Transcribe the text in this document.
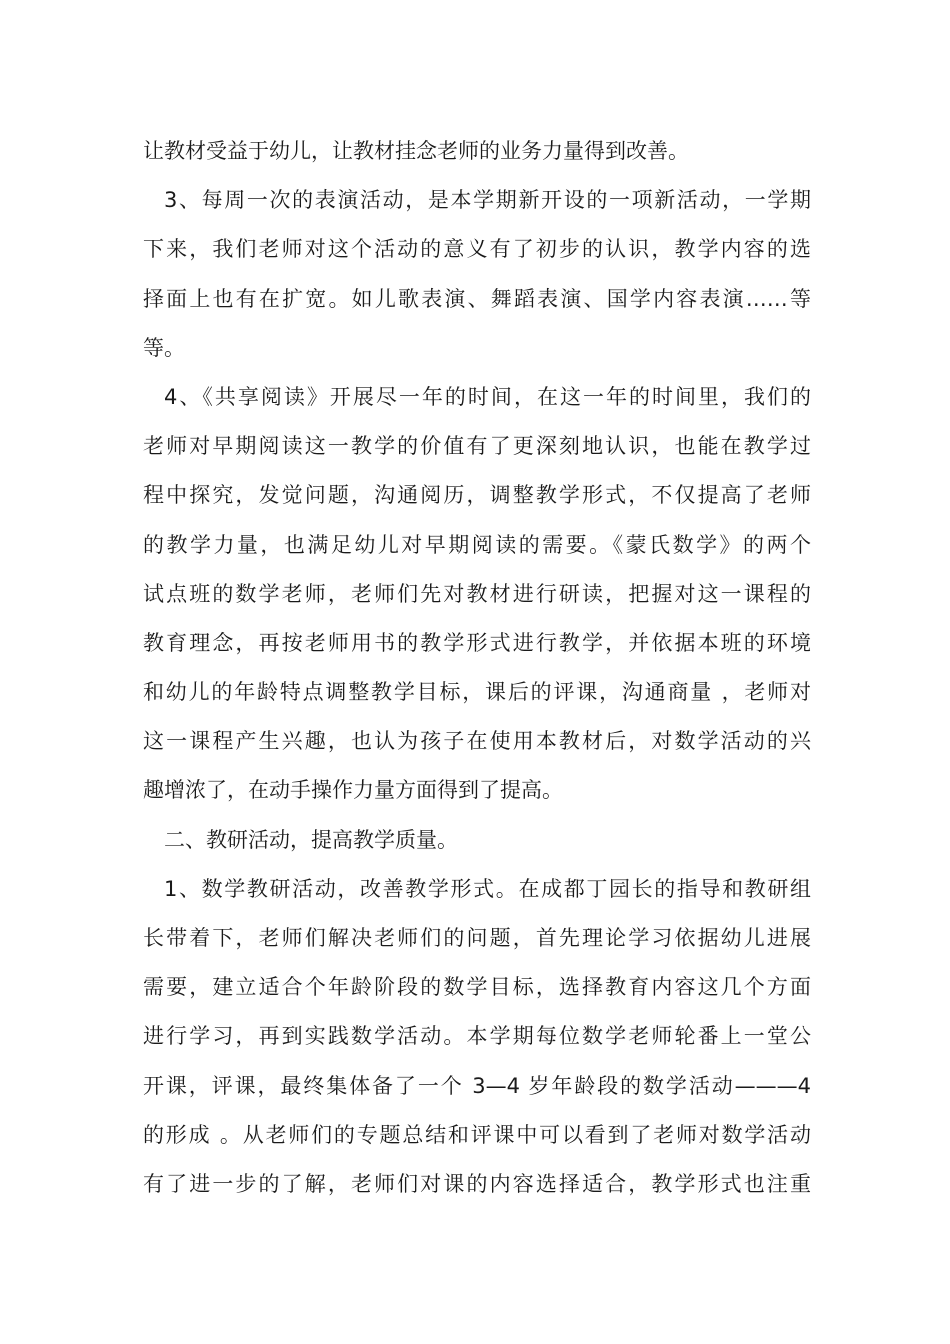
让教材受益于幼儿，让教材挂念老师的业务力量得到改善。
3、每周一次的表演活动，是本学期新开设的一项新活动，一学期
下来，我们老师对这个活动的意义有了初步的认识，教学内容的选
择面上也有在扩宽。如儿歌表演、舞蹈表演、国学内容表演……等
等。
4、《共享阅读》开展尽一年的时间，在这一年的时间里，我们的
老师对早期阅读这一教学的价值有了更深刻地认识，也能在教学过
程中探究，发觉问题，沟通阅历，调整教学形式，不仅提高了老师
的教学力量，也满足幼儿对早期阅读的需要。《蒙氏数学》的两个
试点班的数学老师，老师们先对教材进行研读，把握对这一课程的
教育理念，再按老师用书的教学形式进行教学，并依据本班的环境
和幼儿的年龄特点调整教学目标，课后的评课，沟通商量 ，老师对
这一课程产生兴趣，也认为孩子在使用本教材后，对数学活动的兴
趣增浓了，在动手操作力量方面得到了提高。
二、教研活动，提高教学质量。
1、数学教研活动，改善教学形式。在成都丁园长的指导和教研组
长带着下，老师们解决老师们的问题，首先理论学习依据幼儿进展
需要，建立适合个年龄阶段的数学目标，选择教育内容这几个方面
进行学习，再到实践数学活动。本学期每位数学老师轮番上一堂公
开课，评课，最终集体备了一个 3—4 岁年龄段的数学活动———4
的形成 。从老师们的专题总结和评课中可以看到了老师对数学活动
有了进一步的了解，老师们对课的内容选择适合，教学形式也注重
